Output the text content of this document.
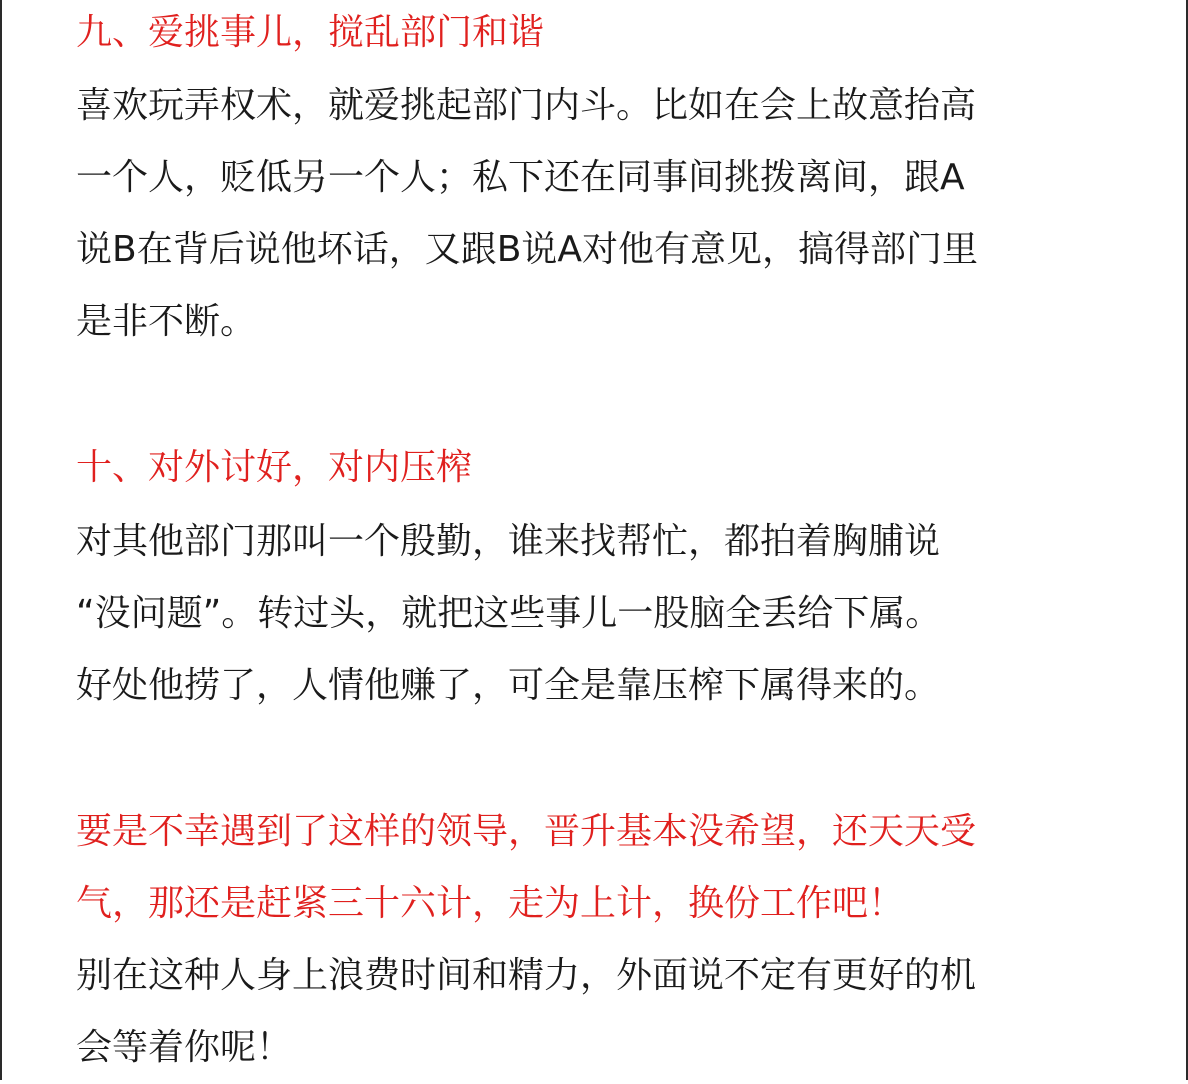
九、爱挑事儿，搅乱部门和谐
喜欢玩弄权术，就爱挑起部门内斗。比如在会上故意抬高
一个人，贬低另一个人；私下还在同事间挑拨离间，跟A
说B在背后说他坏话，又跟B说A对他有意见，搞得部门里
是非不断。
十、对外讨好，对内压榨
对其他部门那叫一个殷勤，谁来找帮忙，都拍着胸脯说
“没问题”。转过头，就把这些事儿一股脑全丢给下属。
好处他捞了，人情他赚了，可全是靠压榨下属得来的。
要是不幸遇到了这样的领导，晋升基本没希望，还天天受
气，那还是赶紧三十六计，走为上计，换份工作吧！
别在这种人身上浪费时间和精力，外面说不定有更好的机
会等着你呢！
